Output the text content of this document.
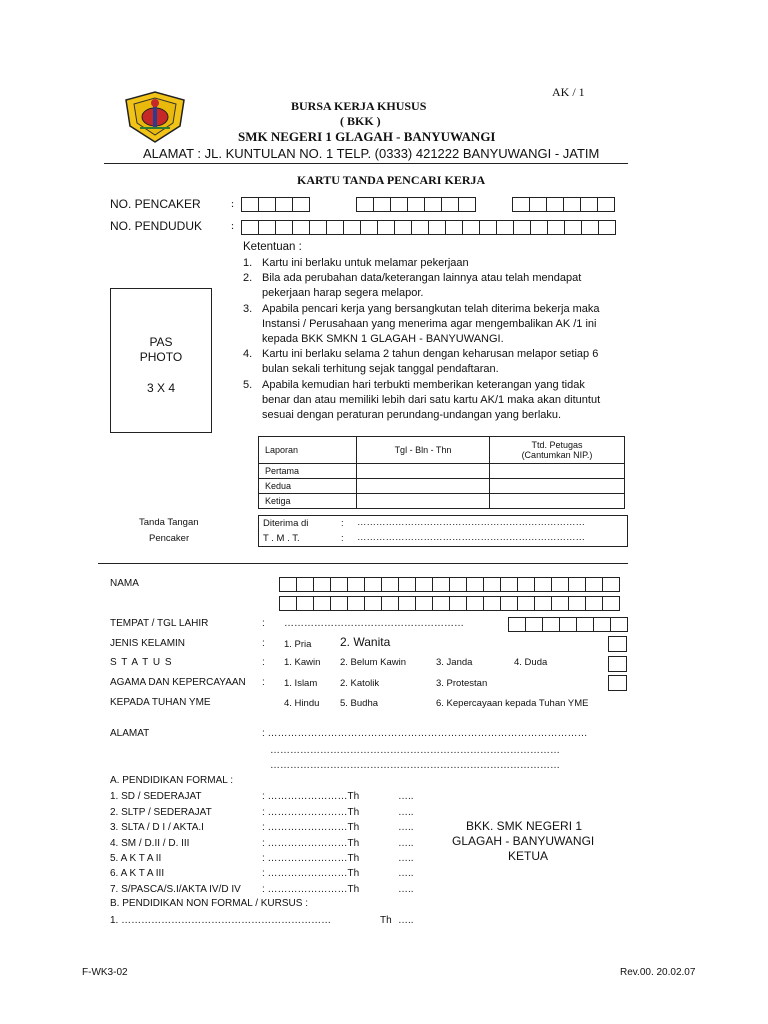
AK / 1
BURSA KERJA KHUSUS
( BKK )
SMK NEGERI 1 GLAGAH - BANYUWANGI
ALAMAT : JL. KUNTULAN NO. 1 TELP. (0333) 421222 BANYUWANGI - JATIM
KARTU TANDA PENCARI KERJA
NO. PENCAKER	:
NO. PENDUDUK	:
PAS
PHOTO
3 X 4
Ketentuan :
1. Kartu ini berlaku untuk melamar pekerjaan
2. Bila ada perubahan data/keterangan lainnya atau telah mendapat
pekerjaan harap segera melapor.
3. Apabila pencari kerja yang bersangkutan telah diterima bekerja maka
Instansi / Perusahaan yang menerima agar mengembalikan AK /1 ini
kepada BKK SMKN 1 GLAGAH - BANYUWANGI.
4. Kartu ini berlaku selama 2 tahun dengan keharusan melapor setiap 6
bulan sekali terhitung sejak tanggal pendaftaran.
5. Apabila kemudian hari terbukti memberikan keterangan yang tidak
benar dan atau memiliki lebih dari satu kartu AK/1 maka akan dituntut
sesuai dengan peraturan perundang-undangan yang berlaku.
Laporan	Tgl - Bln - Thn	Ttd. Petugas
(Cantumkan NIP.)
Pertama		
Kedua		
Ketiga		
Tanda Tangan
Pencaker
Diterima di	: ………………………………………………………………
T . M . T.	: ………………………………………………………………
NAMA
TEMPAT / TGL LAHIR	: ………………………………………………
JENIS KELAMIN	: 1. Pria 2. Wanita
S T A T U S	: 1. Kawin 2. Belum Kawin	3. Janda	4. Duda
AGAMA DAN KEPERCAYAAN : 1. Islam 2. Katolik	3. Protestan
KEPADA TUHAN YME	4. Hindu 5. Budha	6. Kepercayaan kepada Tuhan YME
ALAMAT	: ……………………………………………………………………………………
……………………………………………………………………………
……………………………………………………………………………
A. PENDIDIKAN FORMAL :
1. SD / SEDERAJAT	: ……………………Th	…..
2. SLTP / SEDERAJAT	: ……………………Th	…..
3. SLTA / D I / AKTA.I	: ……………………Th	…..
4. SM / D.II / D. III	: ……………………Th	…..
5. A K T A II	: ……………………Th	…..
6. A K T A III	: ……………………Th	…..
7. S/PASCA/S.I/AKTA IV/D IV : ……………………Th	…..
B. PENDIDIKAN NON FORMAL / KURSUS :
1. ………………………………………………………	Th …..
BKK. SMK NEGERI 1
GLAGAH - BANYUWANGI
KETUA
F-WK3-02	Rev.00. 20.02.07
